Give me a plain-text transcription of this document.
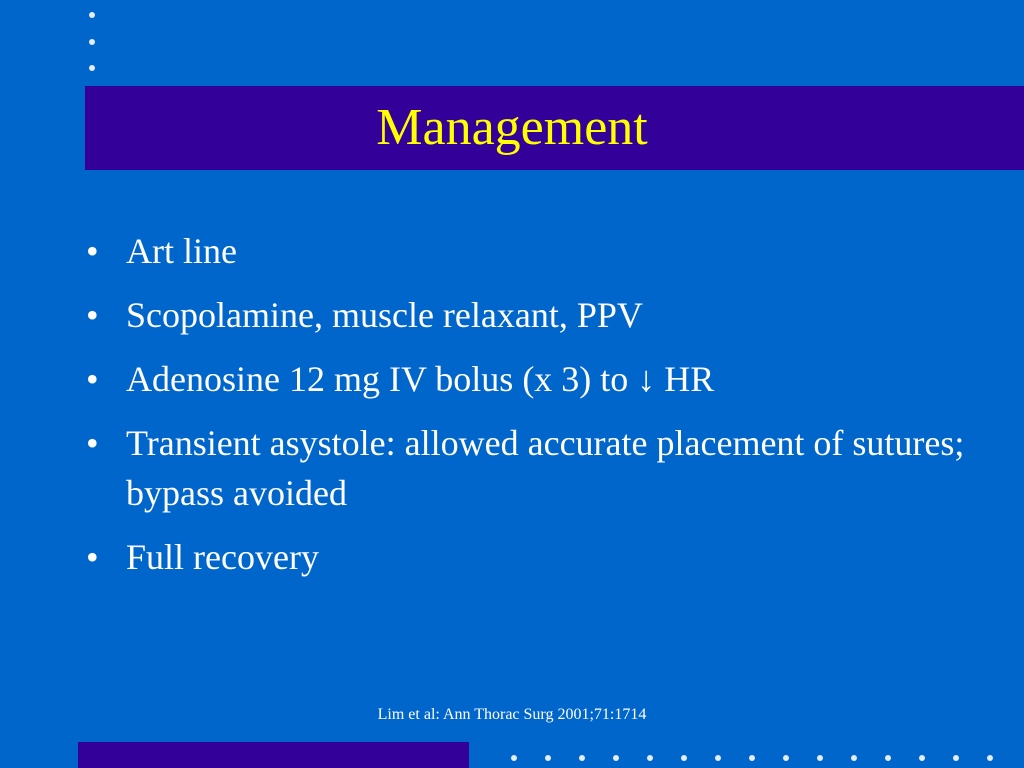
Management
• Art line
• Scopolamine, muscle relaxant, PPV
• Adenosine 12 mg IV bolus (x 3) to ↓ HR
• Transient asystole: allowed accurate placement of sutures; bypass avoided
• Full recovery
Lim et al: Ann Thorac Surg 2001;71:1714
